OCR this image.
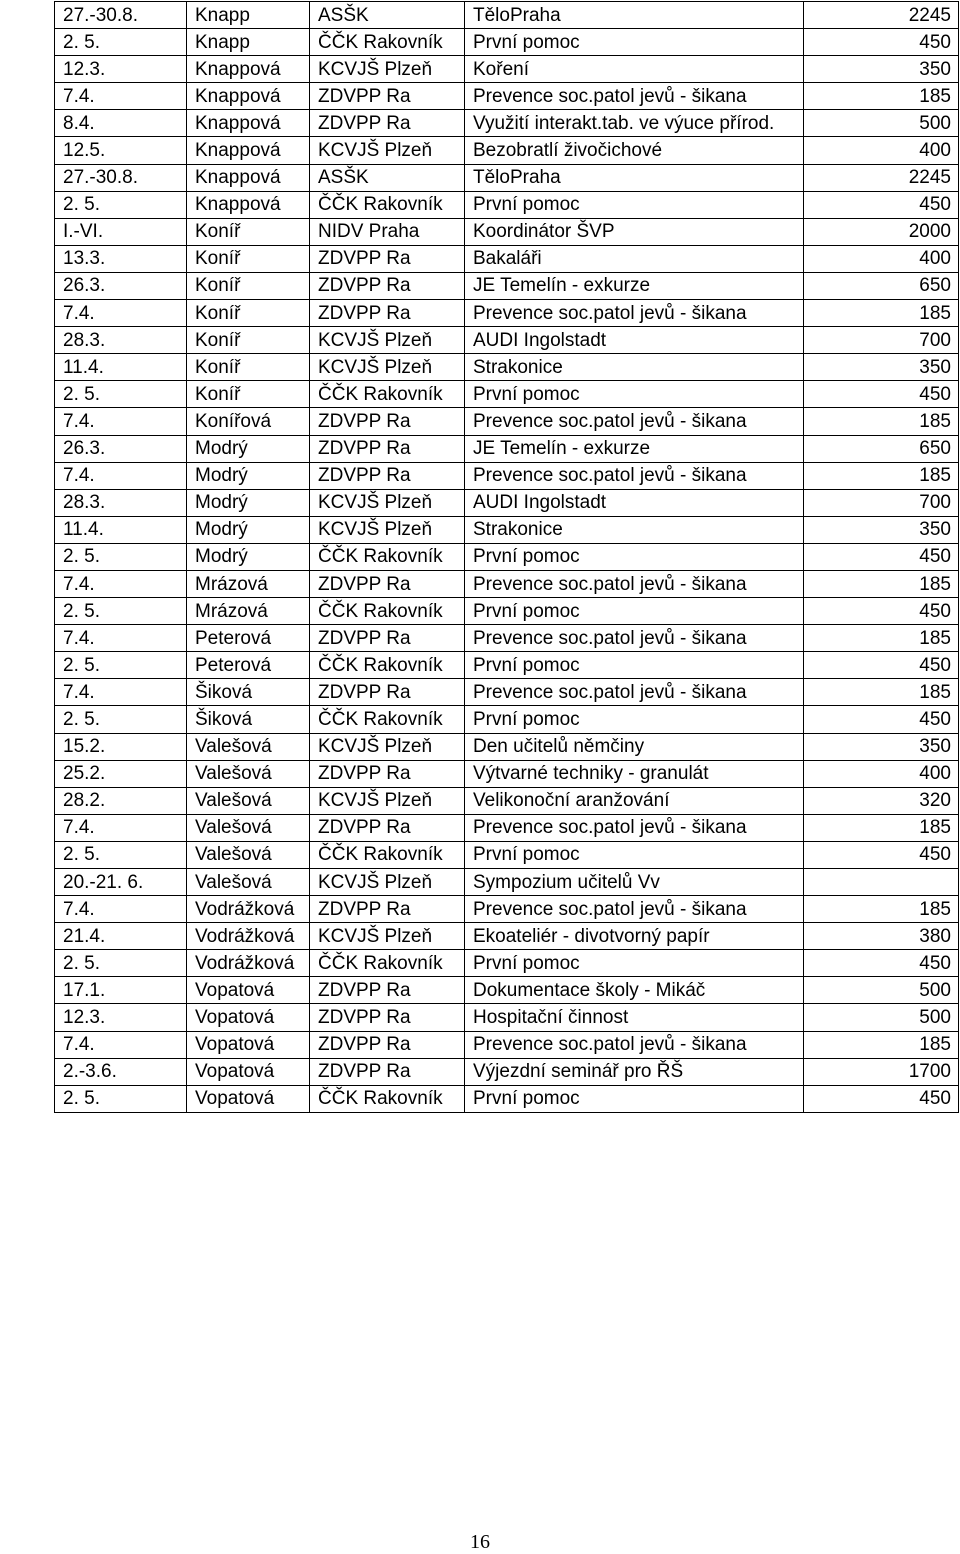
27.-30.8.	Knapp	ASŠK	TěloPraha	2245
2. 5.	Knapp	ČČK Rakovník	První pomoc	450
12.3.	Knappová	KCVJŠ Plzeň	Koření	350
7.4.	Knappová	ZDVPP Ra	Prevence soc.patol jevů - šikana	185
8.4.	Knappová	ZDVPP Ra	Využití interakt.tab. ve výuce přírod.	500
12.5.	Knappová	KCVJŠ Plzeň	Bezobratlí živočichové	400
27.-30.8.	Knappová	ASŠK	TěloPraha	2245
2. 5.	Knappová	ČČK Rakovník	První pomoc	450
I.-VI.	Koníř	NIDV Praha	Koordinátor ŠVP	2000
13.3.	Koníř	ZDVPP Ra	Bakaláři	400
26.3.	Koníř	ZDVPP Ra	JE Temelín - exkurze	650
7.4.	Koníř	ZDVPP Ra	Prevence soc.patol jevů - šikana	185
28.3.	Koníř	KCVJŠ Plzeň	AUDI Ingolstadt	700
11.4.	Koníř	KCVJŠ Plzeň	Strakonice	350
2. 5.	Koníř	ČČK Rakovník	První pomoc	450
7.4.	Konířová	ZDVPP Ra	Prevence soc.patol jevů - šikana	185
26.3.	Modrý	ZDVPP Ra	JE Temelín - exkurze	650
7.4.	Modrý	ZDVPP Ra	Prevence soc.patol jevů - šikana	185
28.3.	Modrý	KCVJŠ Plzeň	AUDI Ingolstadt	700
11.4.	Modrý	KCVJŠ Plzeň	Strakonice	350
2. 5.	Modrý	ČČK Rakovník	První pomoc	450
7.4.	Mrázová	ZDVPP Ra	Prevence soc.patol jevů - šikana	185
2. 5.	Mrázová	ČČK Rakovník	První pomoc	450
7.4.	Peterová	ZDVPP Ra	Prevence soc.patol jevů - šikana	185
2. 5.	Peterová	ČČK Rakovník	První pomoc	450
7.4.	Šiková	ZDVPP Ra	Prevence soc.patol jevů - šikana	185
2. 5.	Šiková	ČČK Rakovník	První pomoc	450
15.2.	Valešová	KCVJŠ Plzeň	Den učitelů němčiny	350
25.2.	Valešová	ZDVPP Ra	Výtvarné techniky - granulát	400
28.2.	Valešová	KCVJŠ Plzeň	Velikonoční aranžování	320
7.4.	Valešová	ZDVPP Ra	Prevence soc.patol jevů - šikana	185
2. 5.	Valešová	ČČK Rakovník	První pomoc	450
20.-21. 6.	Valešová	KCVJŠ Plzeň	Sympozium učitelů Vv	
7.4.	Vodrážková	ZDVPP Ra	Prevence soc.patol jevů - šikana	185
21.4.	Vodrážková	KCVJŠ Plzeň	Ekoateliér - divotvorný papír	380
2. 5.	Vodrážková	ČČK Rakovník	První pomoc	450
17.1.	Vopatová	ZDVPP Ra	Dokumentace školy - Mikáč	500
12.3.	Vopatová	ZDVPP Ra	Hospitační činnost	500
7.4.	Vopatová	ZDVPP Ra	Prevence soc.patol jevů - šikana	185
2.-3.6.	Vopatová	ZDVPP Ra	Výjezdní seminář pro ŘŠ	1700
2. 5.	Vopatová	ČČK Rakovník	První pomoc	450
16
